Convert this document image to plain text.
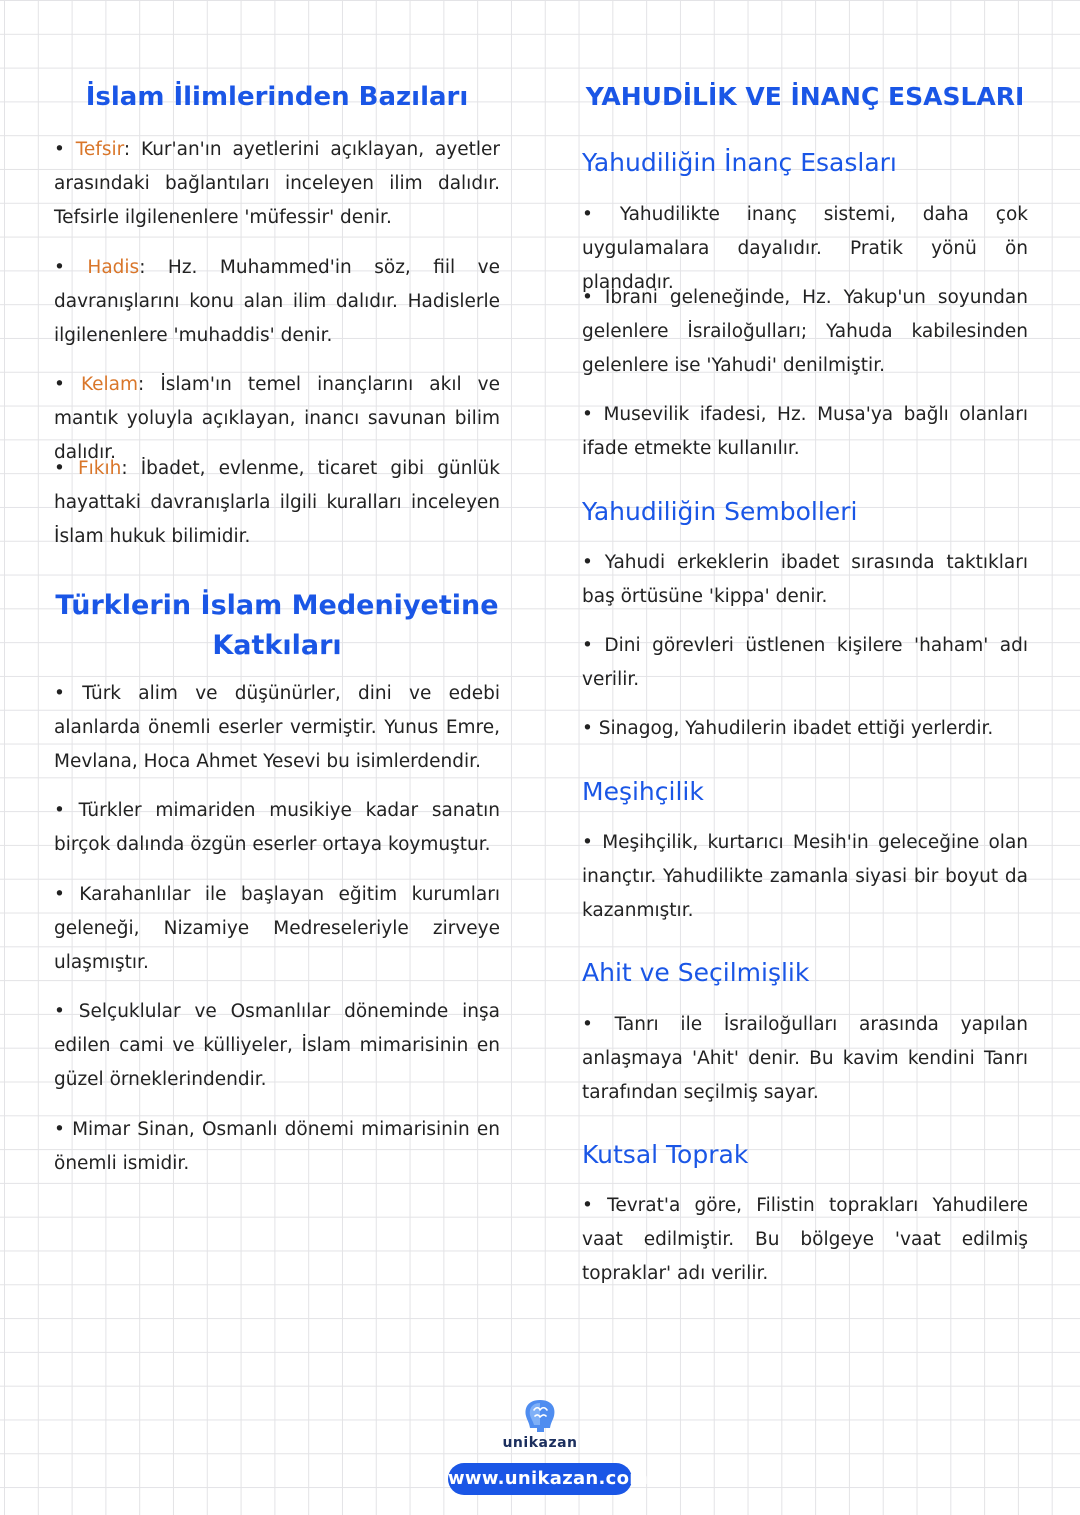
İslam İlimlerinden Bazıları

• Tefsir: Kur'an'ın ayetlerini açıklayan, ayetler arasındaki bağlantıları inceleyen ilim dalıdır. Tefsirle ilgilenenlere 'müfessir' denir.

• Hadis: Hz. Muhammed'in söz, fiil ve davranışlarını konu alan ilim dalıdır. Hadislerle ilgilenenlere 'muhaddis' denir.

• Kelam: İslam'ın temel inançlarını akıl ve mantık yoluyla açıklayan, inancı savunan bilim dalıdır.

• Fıkıh: İbadet, evlenme, ticaret gibi günlük hayattaki davranışlarla ilgili kuralları inceleyen İslam hukuk bilimidir.

Türklerin İslam Medeniyetine
Katkıları

• Türk alim ve düşünürler, dini ve edebi alanlarda önemli eserler vermiştir. Yunus Emre, Mevlana, Hoca Ahmet Yesevi bu isimlerdendir.

• Türkler mimariden musikiye kadar sanatın birçok dalında özgün eserler ortaya koymuştur.

• Karahanlılar ile başlayan eğitim kurumları geleneği, Nizamiye Medreseleriyle zirveye ulaşmıştır.

• Selçuklular ve Osmanlılar döneminde inşa edilen cami ve külliyeler, İslam mimarisinin en güzel örneklerindendir.

• Mimar Sinan, Osmanlı dönemi mimarisinin en önemli ismidir.

YAHUDİLİK VE İNANÇ ESASLARI
Yahudiliğin İnanç Esasları

• Yahudilikte inanç sistemi, daha çok uygulamalara dayalıdır. Pratik yönü ön plandadır.

• İbrani geleneğinde, Hz. Yakup'un soyundan gelenlere İsrailoğulları; Yahuda kabilesinden gelenlere ise 'Yahudi' denilmiştir.

• Musevilik ifadesi, Hz. Musa'ya bağlı olanları ifade etmekte kullanılır.

Yahudiliğin Sembolleri

• Yahudi erkeklerin ibadet sırasında taktıkları baş örtüsüne 'kippa' denir.

• Dini görevleri üstlenen kişilere 'haham' adı verilir.

• Sinagog, Yahudilerin ibadet ettiği yerlerdir.

Meşihçilik

• Meşihçilik, kurtarıcı Mesih'in geleceğine olan inançtır. Yahudilikte zamanla siyasi bir boyut da kazanmıştır.

Ahit ve Seçilmişlik

• Tanrı ile İsrailoğulları arasında yapılan anlaşmaya 'Ahit' denir. Bu kavim kendini Tanrı tarafından seçilmiş sayar.

Kutsal Toprak

• Tevrat'a göre, Filistin toprakları Yahudilere vaat edilmiştir. Bu bölgeye 'vaat edilmiş topraklar' adı verilir.

unikazan
www.unikazan.com
